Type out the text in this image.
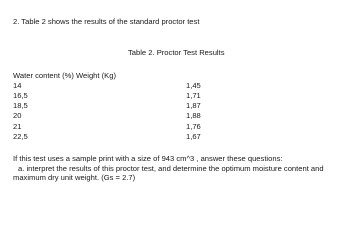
2. Table 2 shows the results of the standard proctor test
Table 2. Proctor Test Results
Water content (%) Weight (Kg)
14	1,45
16,5	1,71
18,5	1,87
20	1,88
21	1,76
22,5	1,67
If this test uses a sample print with a size of 943 cm^3 , answer these questions:
a. interpret the results of this proctor test, and determine the optimum moisture content and
maximum dry unit weight. (Gs = 2.7)
